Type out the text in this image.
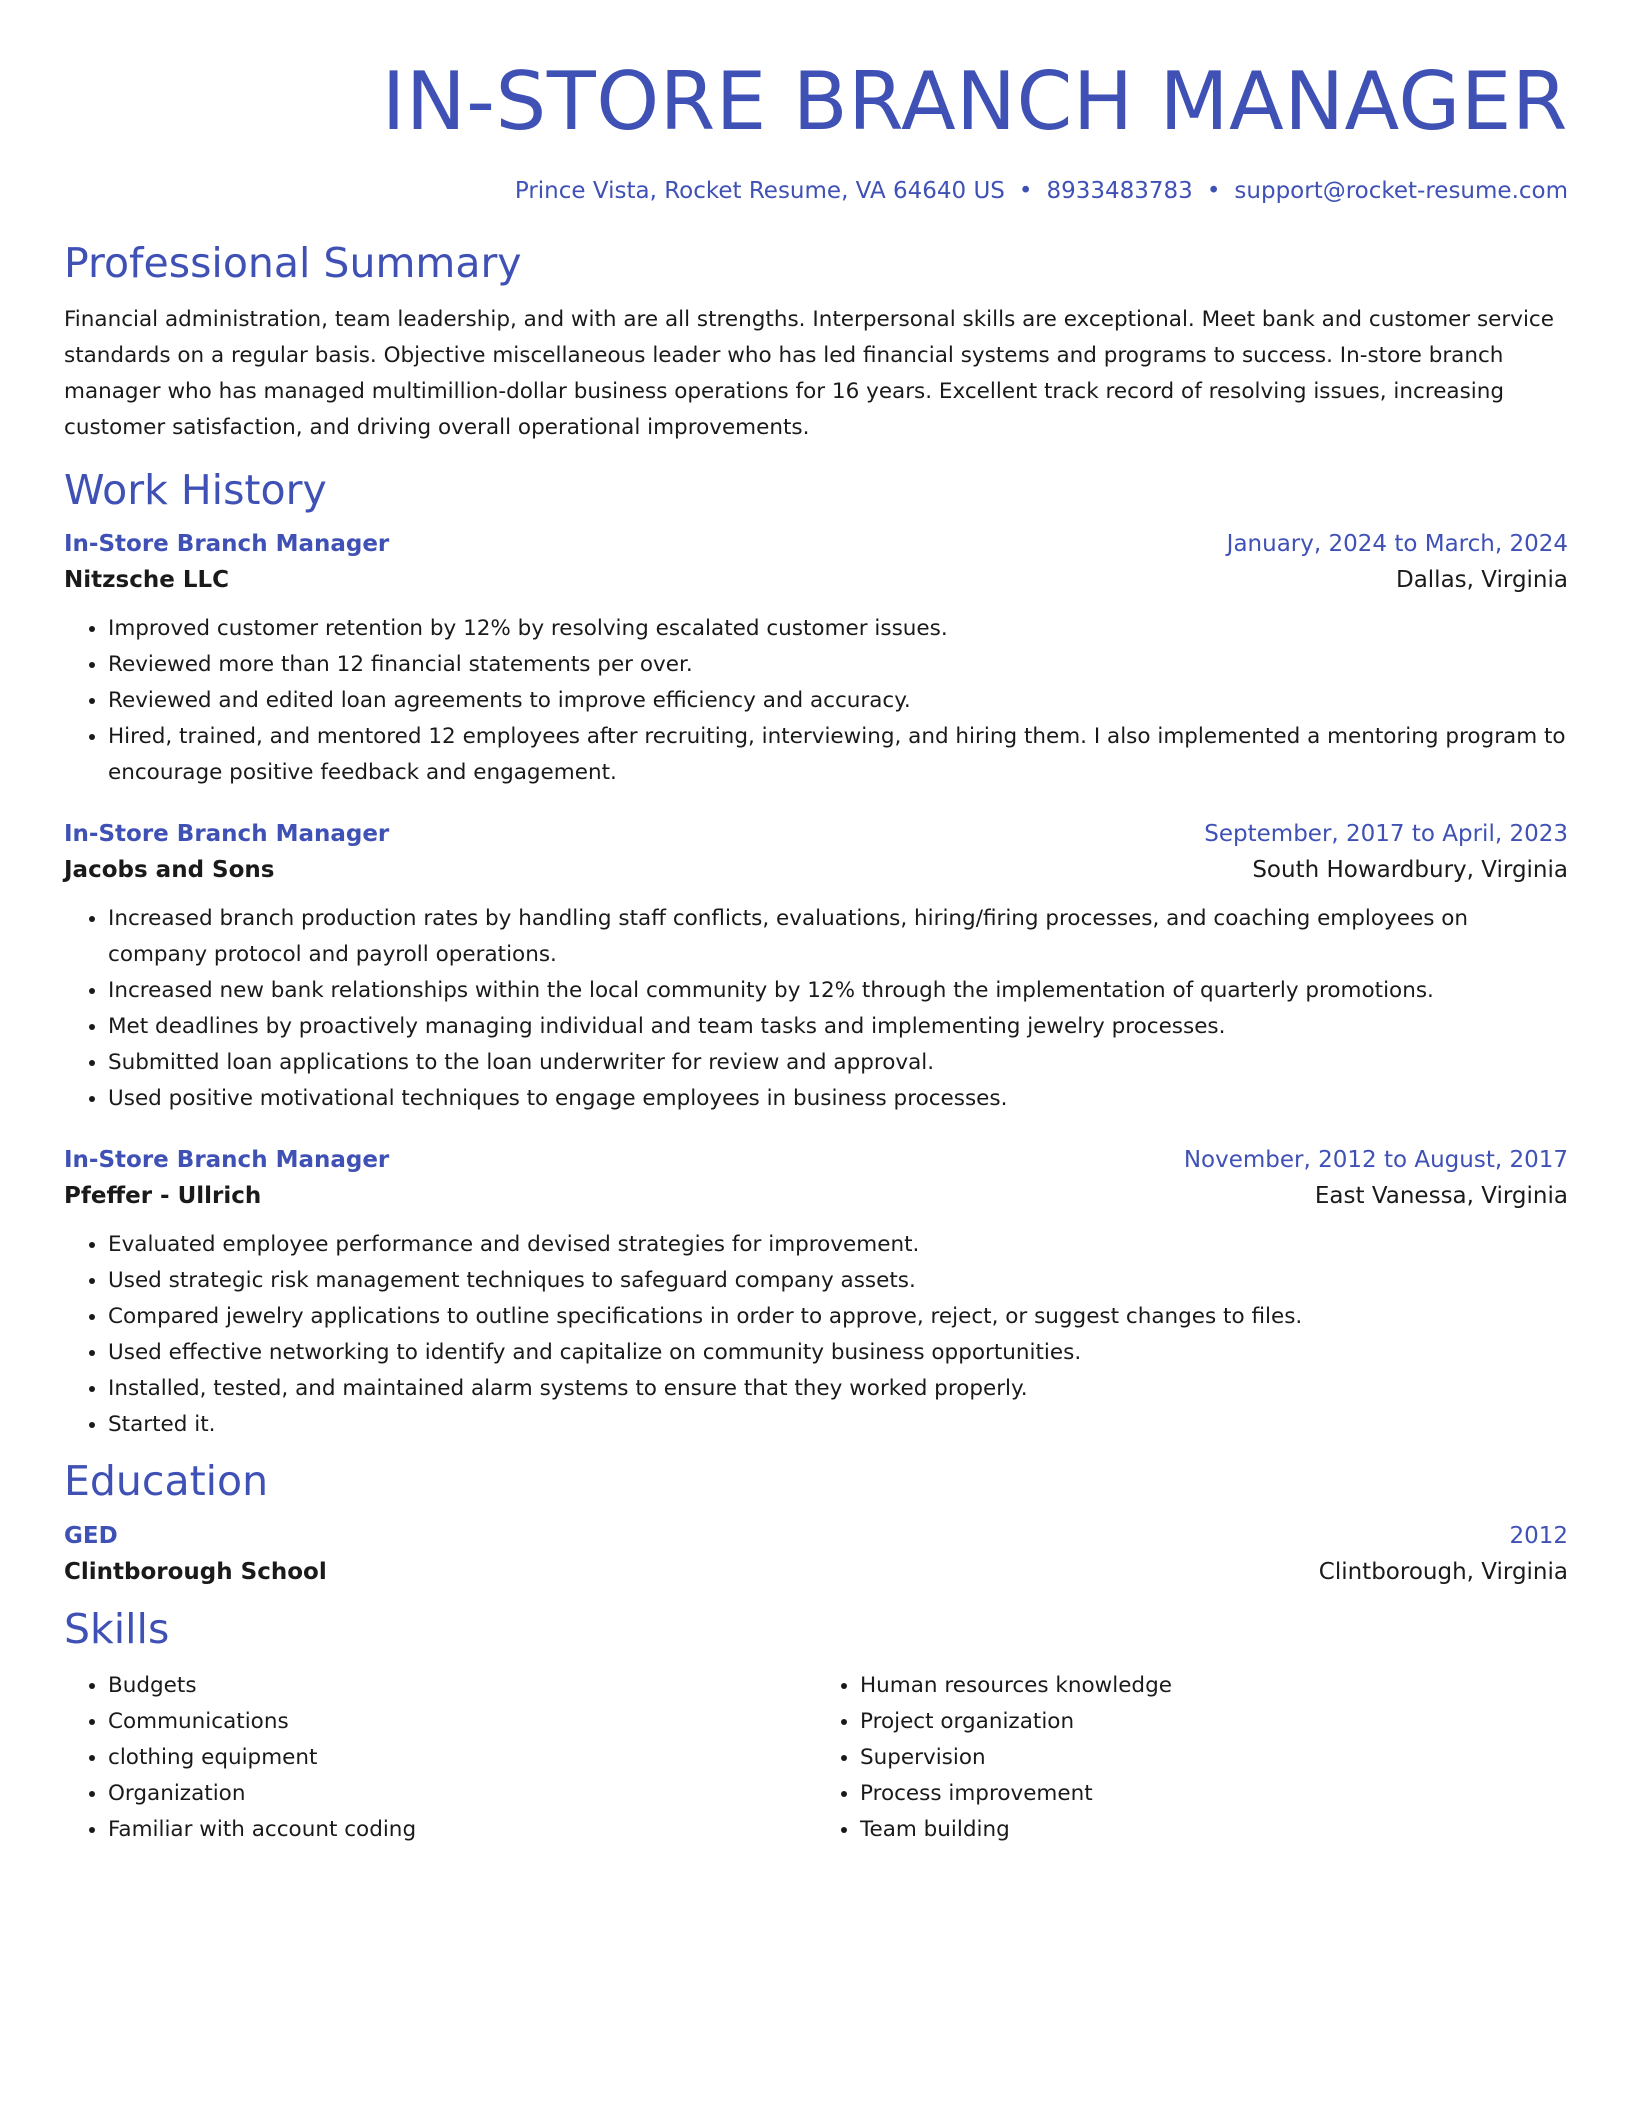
IN-STORE BRANCH MANAGER
Prince Vista, Rocket Resume, VA 64640 US • 8933483783 • support@rocket-resume.com
Professional Summary

Financial administration, team leadership, and with are all strengths. Interpersonal skills are exceptional. Meet bank and customer service standards on a regular basis. Objective miscellaneous leader who has led financial systems and programs to success. In-store branch manager who has managed multimillion-dollar business operations for 16 years. Excellent track record of resolving issues, increasing customer satisfaction, and driving overall operational improvements.

Work History
In-Store Branch Manager	January, 2024 to March, 2024
Nitzsche LLC	Dallas, Virginia
• Improved customer retention by 12% by resolving escalated customer issues.
• Reviewed more than 12 financial statements per over.
• Reviewed and edited loan agreements to improve efficiency and accuracy.
• Hired, trained, and mentored 12 employees after recruiting, interviewing, and hiring them. I also implemented a mentoring program to encourage positive feedback and engagement.
In-Store Branch Manager	September, 2017 to April, 2023
Jacobs and Sons	South Howardbury, Virginia
• Increased branch production rates by handling staff conflicts, evaluations, hiring/firing processes, and coaching employees on company protocol and payroll operations.
• Increased new bank relationships within the local community by 12% through the implementation of quarterly promotions.
• Met deadlines by proactively managing individual and team tasks and implementing jewelry processes.
• Submitted loan applications to the loan underwriter for review and approval.
• Used positive motivational techniques to engage employees in business processes.
In-Store Branch Manager	November, 2012 to August, 2017
Pfeffer - Ullrich	East Vanessa, Virginia
• Evaluated employee performance and devised strategies for improvement.
• Used strategic risk management techniques to safeguard company assets.
• Compared jewelry applications to outline specifications in order to approve, reject, or suggest changes to files.
• Used effective networking to identify and capitalize on community business opportunities.
• Installed, tested, and maintained alarm systems to ensure that they worked properly.
• Started it.
Education
GED	2012
Clintborough School	Clintborough, Virginia
Skills
• Budgets
• Communications
• clothing equipment
• Organization
• Familiar with account coding
• Human resources knowledge
• Project organization
• Supervision
• Process improvement
• Team building
